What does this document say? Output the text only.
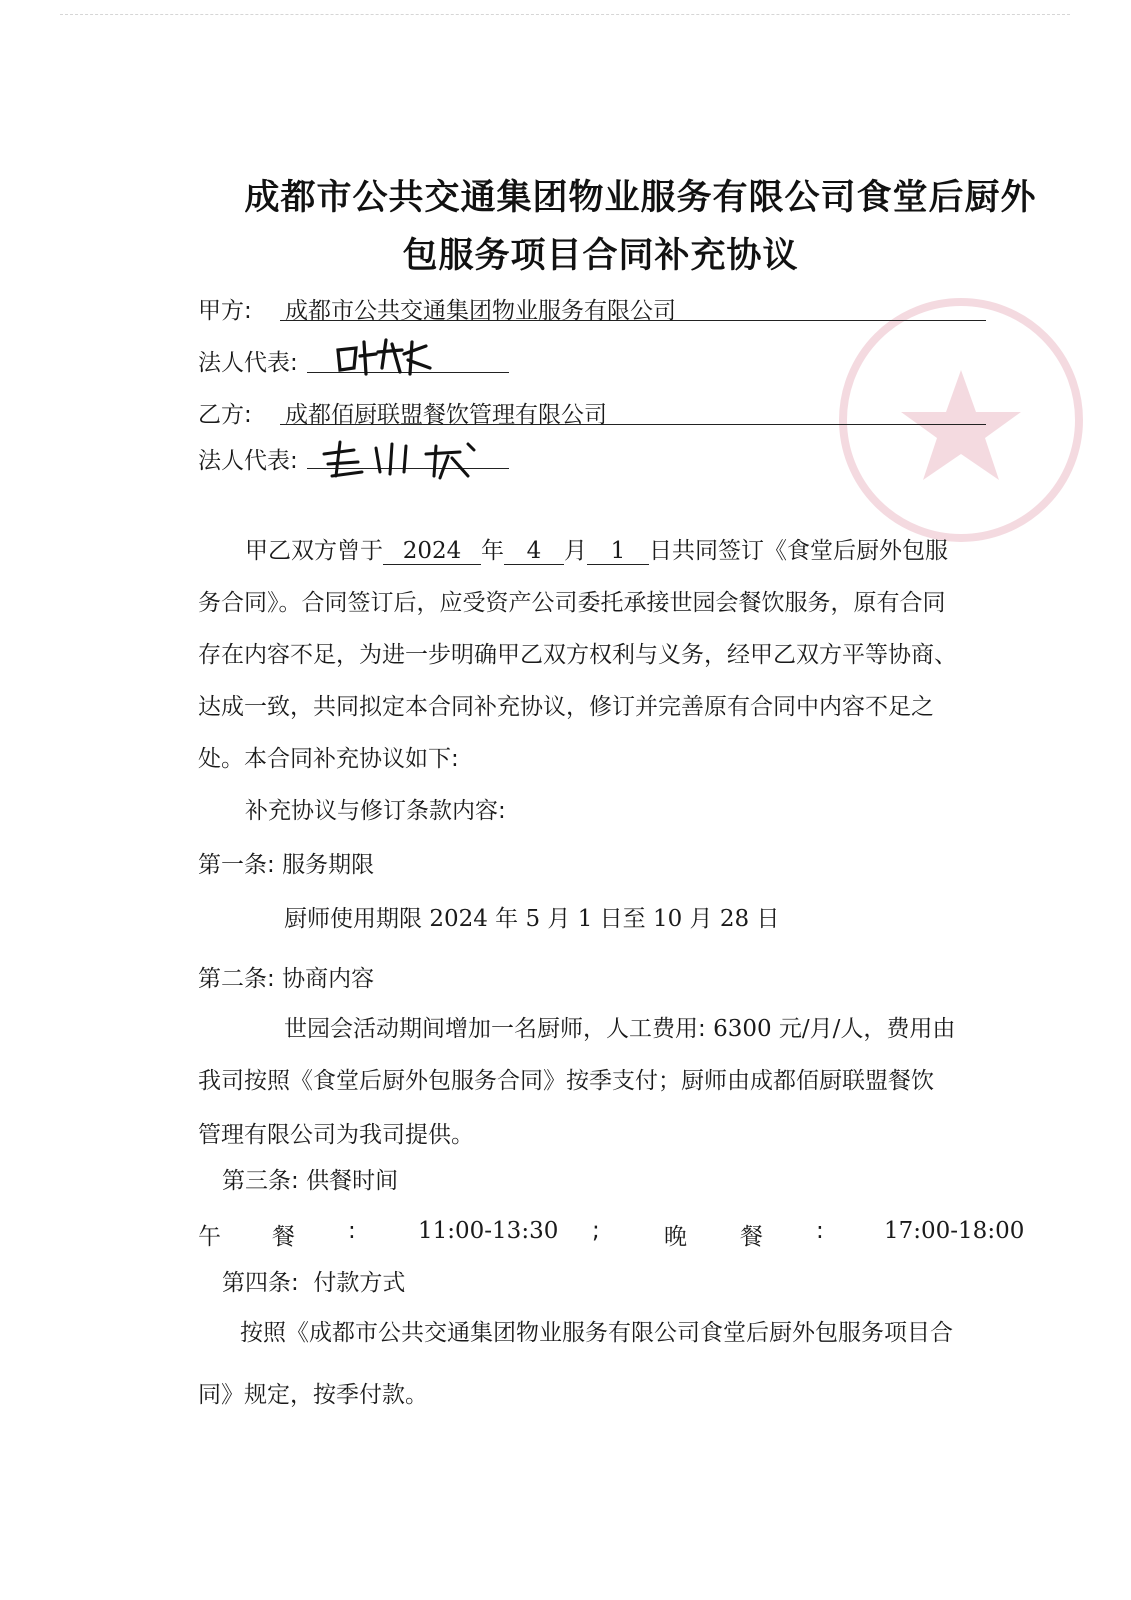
成都市公共交通集团物业服务有限公司食堂后厨外
包服务项目合同补充协议
甲方: 成都市公共交通集团物业服务有限公司
法人代表:
乙方: 成都佰厨联盟餐饮管理有限公司
法人代表:
甲乙双方曾于 2024 年 4 月 1 日共同签订《食堂后厨外包服
务合同》。合同签订后，应受资产公司委托承接世园会餐饮服务，原有合同
存在内容不足，为进一步明确甲乙双方权利与义务，经甲乙双方平等协商、
达成一致，共同拟定本合同补充协议，修订并完善原有合同中内容不足之
处。本合同补充协议如下:
补充协议与修订条款内容:
第一条: 服务期限
厨师使用期限 2024 年 5 月 1 日至 10 月 28 日
第二条: 协商内容
世园会活动期间增加一名厨师，人工费用: 6300 元/月/人，费用由
我司按照《食堂后厨外包服务合同》按季支付；厨师由成都佰厨联盟餐饮
管理有限公司为我司提供。
第三条: 供餐时间
午 餐 :	11:00-13:30 ;	晚 餐 :	17:00-18:00
第四条: 付款方式
按照《成都市公共交通集团物业服务有限公司食堂后厨外包服务项目合
同》规定，按季付款。
